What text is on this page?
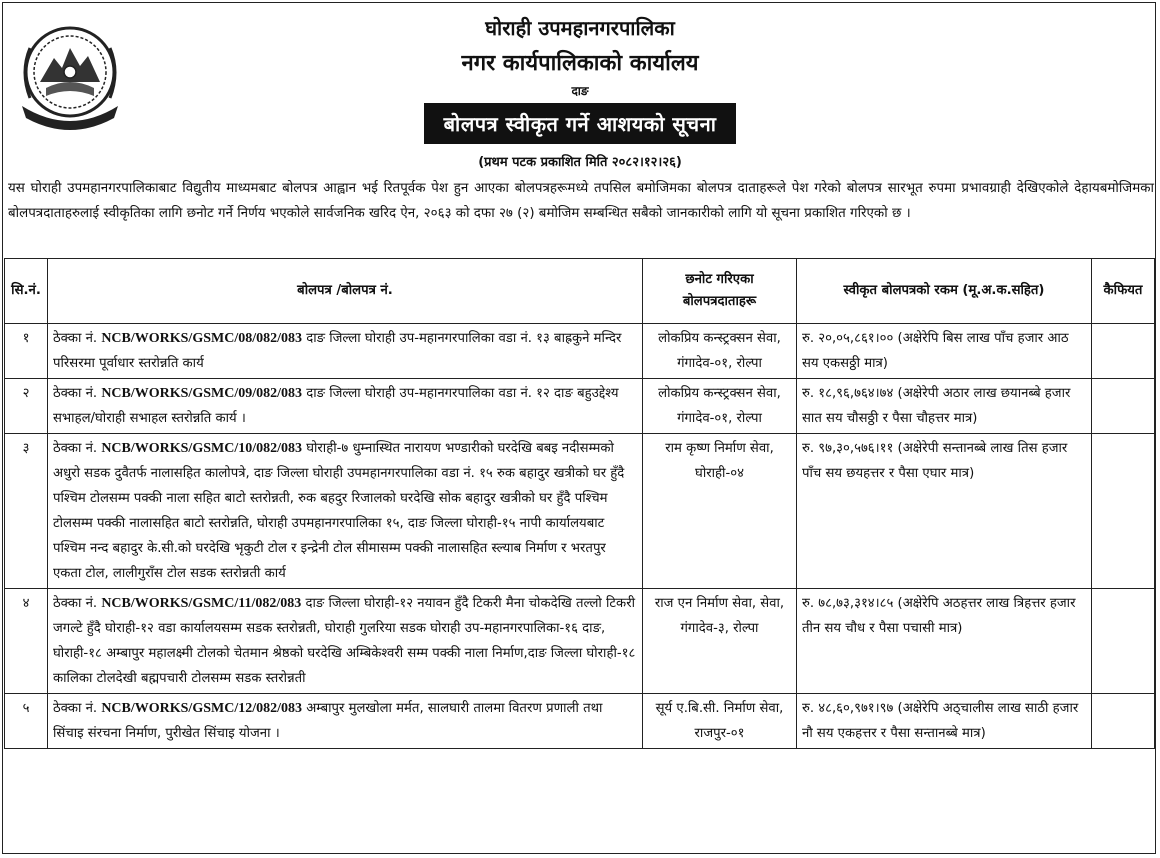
घोराही उपमहानगरपालिका
नगर कार्यपालिकाको कार्यालय
दाङ
बोलपत्र स्वीकृत गर्ने आशयको सूचना
(प्रथम पटक प्रकाशित मिति २०८२।१२।२६)
यस घोराही उपमहानगरपालिकाबाट विद्युतीय माध्यमबाट बोलपत्र आह्वान भई रितपूर्वक पेश हुन आएका बोलपत्रहरूमध्ये तपसिल बमोजिमका बोलपत्र दाताहरूले पेश गरेको बोलपत्र सारभूत रुपमा प्रभावग्राही देखिएकोले देहायबमोजिमका बोलपत्रदाताहरुलाई स्वीकृतिका लागि छनोट गर्ने निर्णय भएकोले सार्वजनिक खरिद ऐन, २०६३ को दफा २७ (२) बमोजिम सम्बन्धित सबैको जानकारीको लागि यो सूचना प्रकाशित गरिएको छ ।
सि.नं.	बोलपत्र /बोलपत्र नं.	छनोट गरिएका बोलपत्रदाताहरू	स्वीकृत बोलपत्रको रकम (मू.अ.क.सहित)	कैफियत
१	ठेक्का नं. NCB/WORKS/GSMC/08/082/083 दाङ जिल्ला घोराही उप-महानगरपालिका वडा नं. १३ बाह्रकुने मन्दिर परिसरमा पूर्वाधार स्तरोन्नति कार्य	लोकप्रिय कन्स्ट्रक्सन सेवा, गंगादेव-०१, रोल्पा	रु. २०,०५,८६१।०० (अक्षेरेपि बिस लाख पाँच हजार आठ सय एकसठ्ठी मात्र)	
२	ठेक्का नं. NCB/WORKS/GSMC/09/082/083 दाङ जिल्ला घोराही उप-महानगरपालिका वडा नं. १२ दाङ बहुउद्देश्य सभाहल/घोराही सभाहल स्तरोन्नति कार्य ।	लोकप्रिय कन्स्ट्रक्सन सेवा, गंगादेव-०१, रोल्पा	रु. १८,९६,७६४।७४ (अक्षेरेपी अठार लाख छयानब्बे हजार सात सय चौसठ्ठी र पैसा चौहत्तर मात्र)	
३	ठेक्का नं. NCB/WORKS/GSMC/10/082/083 घोराही-७ धुम्नास्थित नारायण भण्डारीको घरदेखि बबइ नदीसम्मको अधुरो सडक दुवैतर्फ नालासहित कालोपत्रे, दाङ जिल्ला घोराही उपमहानगरपालिका वडा नं. १५ रुक बहादुर खत्रीको घर हुँदै पश्चिम टोलसम्म पक्की नाला सहित बाटो स्तरोन्नती, रुक बहदुर रिजालको घरदेखि सोक बहादुर खत्रीको घर हुँदै पश्चिम टोलसम्म पक्की नालासहित बाटो स्तरोन्नति, घोराही उपमहानगरपालिका १५, दाङ जिल्ला घोराही-१५ नापी कार्यालयबाट पश्चिम नन्द बहादुर के.सी.को घरदेखि भृकुटी टोल र इन्द्रेनी टोल सीमासम्म पक्की नालासहित स्ल्याब निर्माण र भरतपुर एकता टोल, लालीगुराँस टोल सडक स्तरोन्नती कार्य	राम कृष्ण निर्माण सेवा, घोराही-०४	रु. ९७,३०,५७६।११ (अक्षेरेपी सन्तानब्बे लाख तिस हजार पाँच सय छयहत्तर र पैसा एघार मात्र)	
४	ठेक्का नं. NCB/WORKS/GSMC/11/082/083 दाङ जिल्ला घोराही-१२ नयावन हुँदै टिकरी मैना चोकदेखि तल्लो टिकरी जगल्टे हुँदै घोराही-१२ वडा कार्यालयसम्म सडक स्तरोन्नती, घोराही गुलरिया सडक घोराही उप-महानगरपालिका-१६ दाङ, घोराही-१८ अम्बापुर महालक्ष्मी टोलको चेतमान श्रेष्ठको घरदेखि अम्बिकेश्वरी सम्म पक्की नाला निर्माण,दाङ जिल्ला घोराही-१८ कालिका टोलदेखी बह्मपचारी टोलसम्म सडक स्तरोन्नती	राज एन निर्माण सेवा, सेवा, गंगादेव-३, रोल्पा	रु. ७८,७३,३१४।८५ (अक्षेरेपि अठहत्तर लाख त्रिहत्तर हजार तीन सय चौध र पैसा पचासी मात्र)	
५	ठेक्का नं. NCB/WORKS/GSMC/12/082/083 अम्बापुर मुलखोला मर्मत, सालघारी तालमा वितरण प्रणाली तथा सिंचाइ संरचना निर्माण, पुरीखेत सिंचाइ योजना ।	सूर्य ए.बि.सी. निर्माण सेवा, राजपुर-०१	रु. ४८,६०,९७१।९७ (अक्षेरेपि अठ्चालीस लाख साठी हजार नौ सय एकहत्तर र पैसा सन्तानब्बे मात्र)	
